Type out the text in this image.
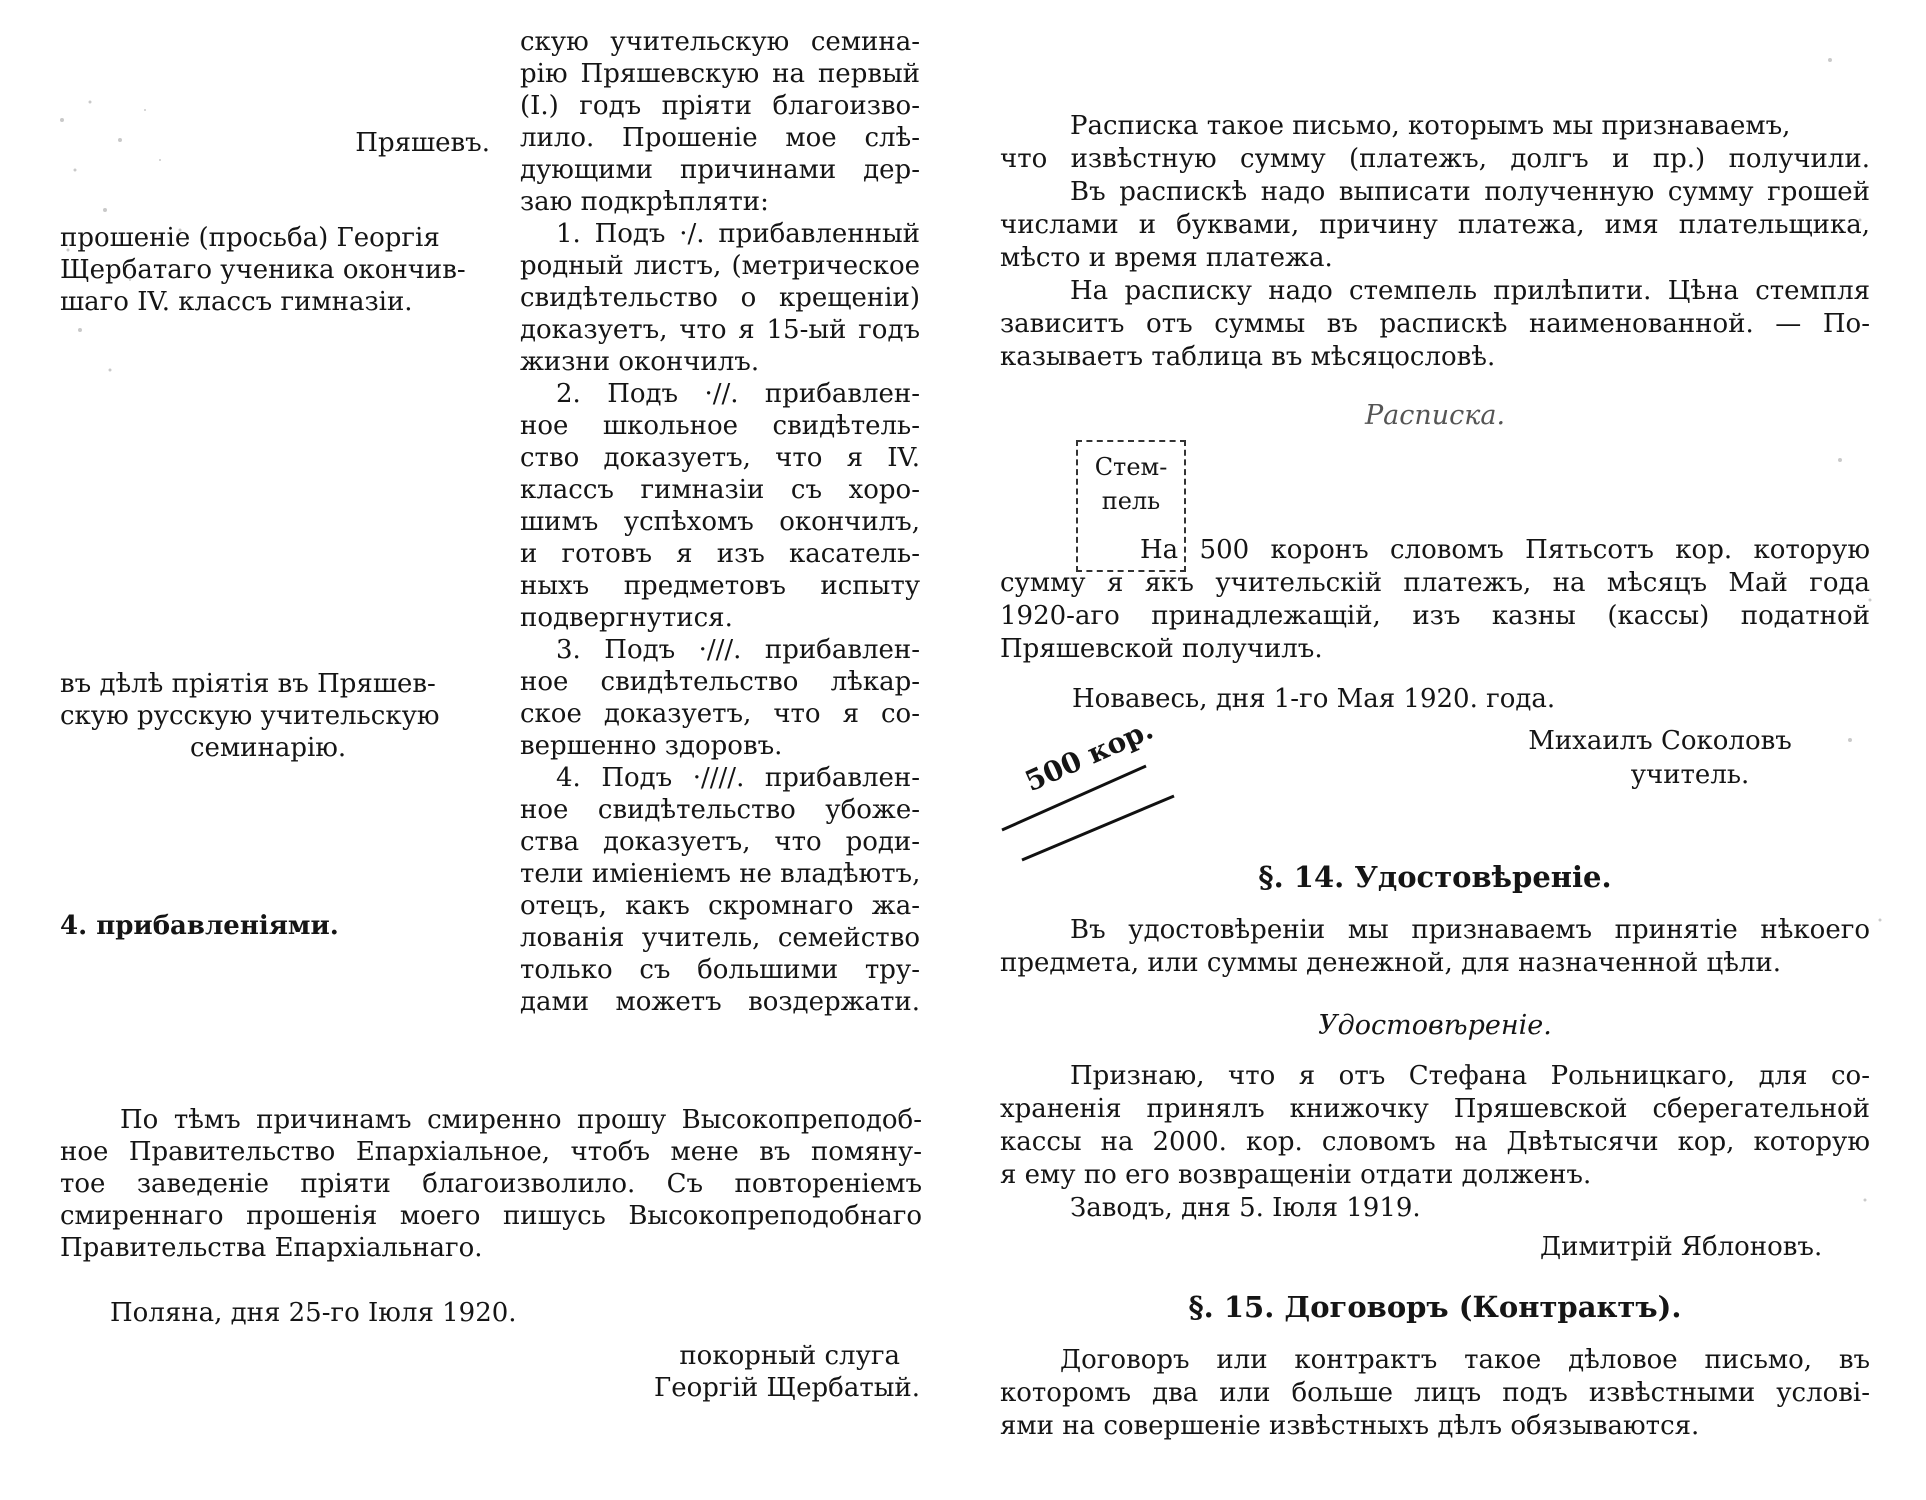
Пряшевъ.
прошеніе (просьба) Георгія
Щербатаго ученика окончив-
шаго IV. классъ гимназіи.
въ дѣлѣ пріятія въ Пряшев-
скую русскую учительскую
семинарію.
4. прибавленіями.
скую учительскую семина-
рію Пряшевскую на первый
(I.) годъ пріяти благоизво-
лило. Прошеніе мое слѣ-
дующими причинами дер-
заю подкрѣпляти:
1. Подъ ·/. прибавленный
родный листъ, (метрическое
свидѣтельство о крещеніи)
доказуетъ, что я 15-ый годъ
жизни окончилъ.
2. Подъ ·//. прибавлен-
ное школьное свидѣтель-
ство доказуетъ, что я IV.
классъ гимназіи съ хоро-
шимъ успѣхомъ окончилъ,
и готовъ я изъ касатель-
ныхъ предметовъ испыту
подвергнутися.
3. Подъ ·///. прибавлен-
ное свидѣтельство лѣкар-
ское доказуетъ, что я со-
вершенно здоровъ.
4. Подъ ·////. прибавлен-
ное свидѣтельство убоже-
ства доказуетъ, что роди-
тели иміеніемъ не владѣютъ,
отецъ, какъ скромнаго жа-
лованія учитель, семейство
только съ большими тру-
дами можетъ воздержати.
По тѣмъ причинамъ смиренно прошу Высокопреподоб-
ное Правительство Епархіальное, чтобъ мене въ помяну-
тое заведеніе пріяти благоизволило. Съ повтореніемъ
смиреннаго прошенія моего пишусь Высокопреподобнаго
Правительства Епархіальнаго.
Поляна, дня 25-го Іюля 1920.
покорный слуга
Георгій Щербатый.
Расписка такое письмо, которымъ мы признаваемъ,
что извѣстную сумму (платежъ, долгъ и пр.) получили.
Въ распискѣ надо выписати полученную сумму грошей
числами и буквами, причину платежа, имя плательщика,
мѣсто и время платежа.
На расписку надо стемпель прилѣпити. Цѣна стемпля
зависитъ отъ суммы въ распискѣ наименованной. — По-
казываетъ таблица въ мѣсяцословѣ.
Расписка.
Стем-
пель
На 500 коронъ словомъ Пятьсотъ кор. которую
сумму я якъ учительскій платежъ, на мѣсяцъ Май года
1920-аго принадлежащій, изъ казны (кассы) податной
Пряшевской получилъ.
Новавесь, дня 1-го Мая 1920. года.
Михаилъ Соколовъ
учитель.
500 кор.
§. 14. Удостовѣреніе.
Въ удостовѣреніи мы признаваемъ принятіе нѣкоего
предмета, или суммы денежной, для назначенной цѣли.
Удостовѣреніе.
Признаю, что я отъ Стефана Рольницкаго, для со-
храненія принялъ книжочку Пряшевской сберегательной
кассы на 2000. кор. словомъ на Двѣтысячи кор, которую
я ему по его возвращеніи отдати долженъ.
Заводъ, дня 5. Іюля 1919.
Димитрій Яблоновъ.
§. 15. Договоръ (Контрактъ).
Договоръ или контрактъ такое дѣловое письмо, въ
которомъ два или больше лицъ подъ извѣстными услові-
ями на совершеніе извѣстныхъ дѣлъ обязываются.
